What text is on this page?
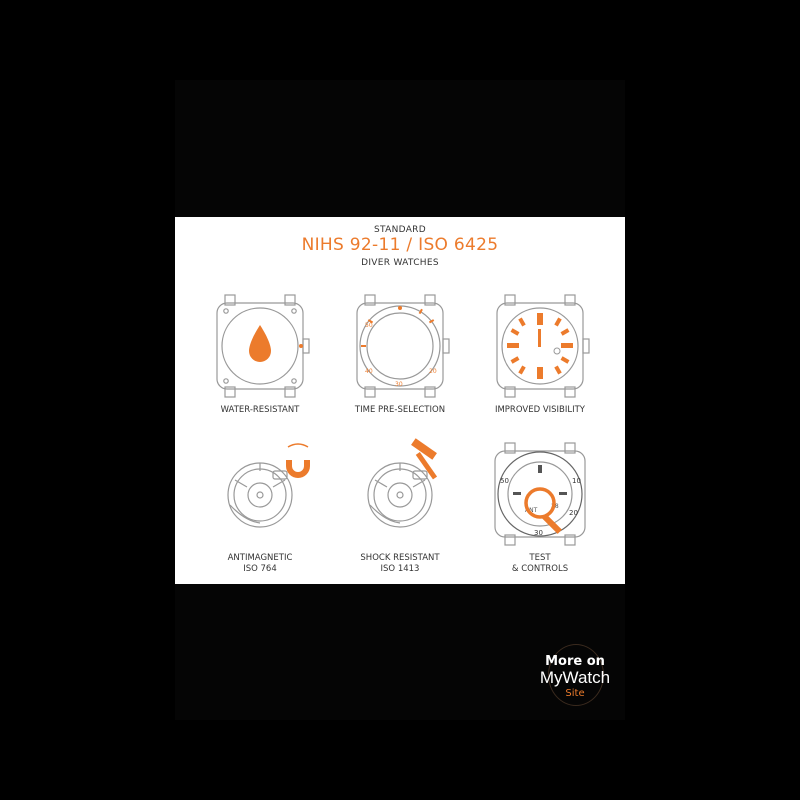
STANDARD
NIHS 92-11 / ISO 6425
DIVER WATCHES
WATER-RESISTANT
50
20
30
40
TIME PRE-SELECTION	IMPROVED VISIBILITY
ANTIMAGNETIC
ISO 764
SHOCK RESISTANT
ISO 1413
50	10
30
20
ANT
28
TEST
& CONTROLS
More on
MyWatch
Site
